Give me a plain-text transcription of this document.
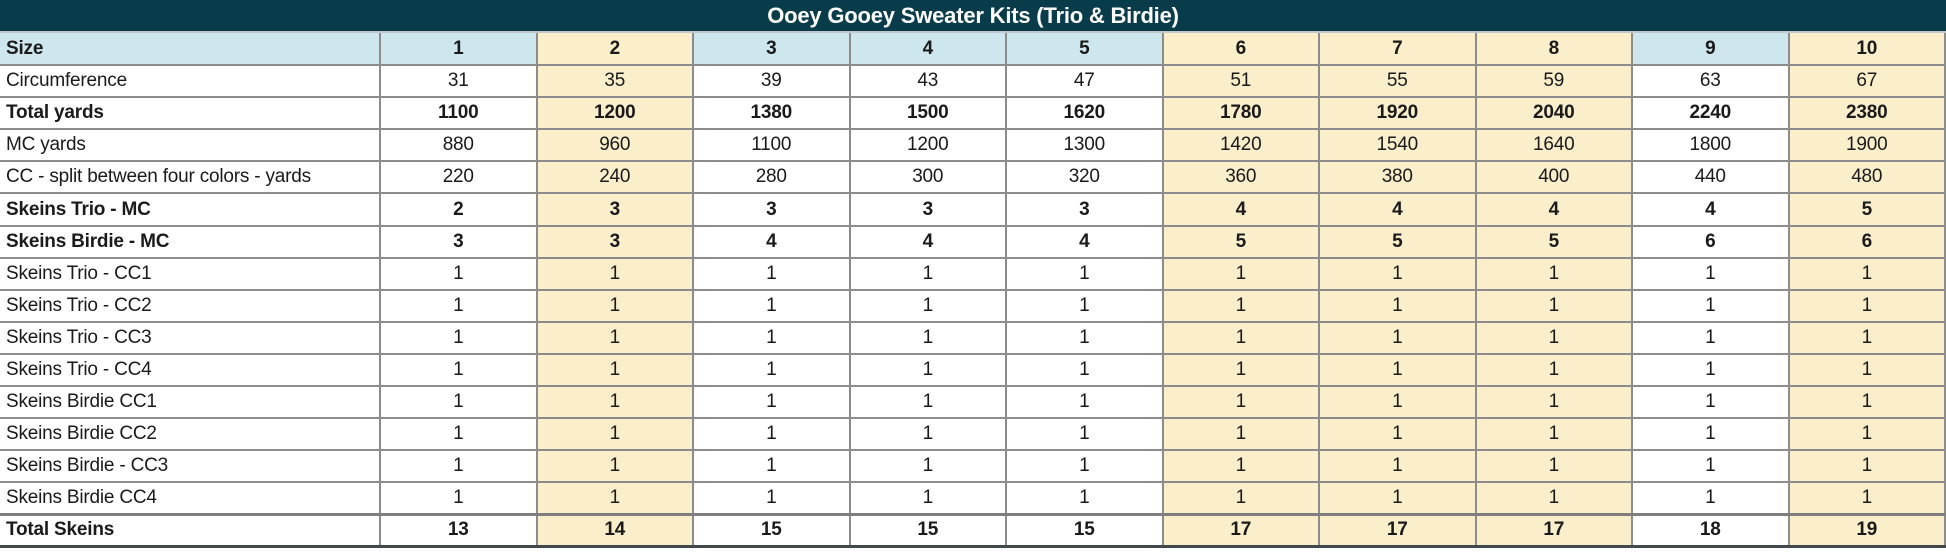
Ooey Gooey Sweater Kits (Trio & Birdie)
Size	1	2	3	4	5	6	7	8	9	10
Circumference	31	35	39	43	47	51	55	59	63	67
Total yards	1100	1200	1380	1500	1620	1780	1920	2040	2240	2380
MC yards	880	960	1100	1200	1300	1420	1540	1640	1800	1900
CC - split between four colors - yards	220	240	280	300	320	360	380	400	440	480
Skeins Trio - MC	2	3	3	3	3	4	4	4	4	5
Skeins Birdie - MC	3	3	4	4	4	5	5	5	6	6
Skeins Trio - CC1	1	1	1	1	1	1	1	1	1	1
Skeins Trio - CC2	1	1	1	1	1	1	1	1	1	1
Skeins Trio - CC3	1	1	1	1	1	1	1	1	1	1
Skeins Trio - CC4	1	1	1	1	1	1	1	1	1	1
Skeins Birdie CC1	1	1	1	1	1	1	1	1	1	1
Skeins Birdie CC2	1	1	1	1	1	1	1	1	1	1
Skeins Birdie - CC3	1	1	1	1	1	1	1	1	1	1
Skeins Birdie CC4	1	1	1	1	1	1	1	1	1	1
Total Skeins	13	14	15	15	15	17	17	17	18	19
